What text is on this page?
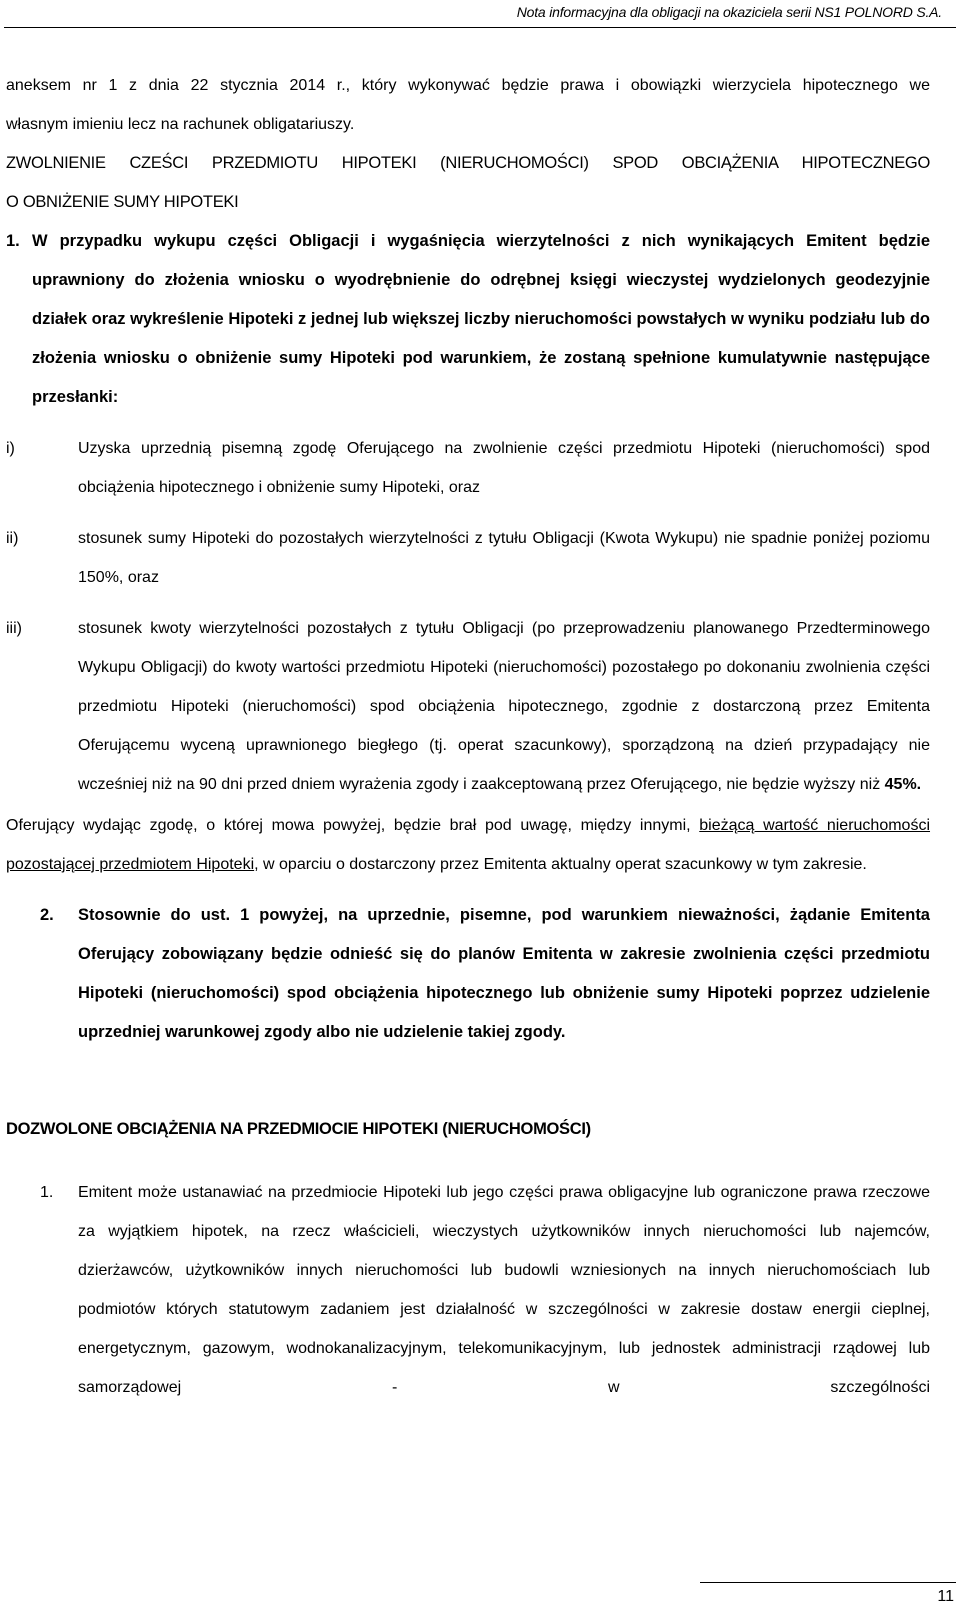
Nota informacyjna dla obligacji na okaziciela serii NS1 POLNORD S.A.

aneksem nr 1 z dnia 22 stycznia 2014 r., który wykonywać będzie prawa i obowiązki wierzyciela hipotecznego we

własnym imieniu lecz na rachunek obligatariuszy.

ZWOLNIENIE CZEŚCI PRZEDMIOTU HIPOTEKI (NIERUCHOMOŚCI) SPOD OBCIĄŻENIA HIPOTECZNEGO

O OBNIŻENIE SUMY HIPOTEKI

1. W przypadku wykupu części Obligacji i wygaśnięcia wierzytelności z nich wynikających Emitent będzie uprawniony do złożenia wniosku o wyodrębnienie do odrębnej księgi wieczystej wydzielonych geodezyjnie działek oraz wykreślenie Hipoteki z jednej lub większej liczby nieruchomości powstałych w wyniku podziału lub do złożenia wniosku o obniżenie sumy Hipoteki pod warunkiem, że zostaną spełnione kumulatywnie następujące przesłanki:
i)	Uzyska uprzednią pisemną zgodę Oferującego na zwolnienie części przedmiotu Hipoteki (nieruchomości) spod obciążenia hipotecznego i obniżenie sumy Hipoteki, oraz
ii)	stosunek sumy Hipoteki do pozostałych wierzytelności z tytułu Obligacji (Kwota Wykupu) nie spadnie poniżej poziomu 150%, oraz
iii)	stosunek kwoty wierzytelności pozostałych z tytułu Obligacji (po przeprowadzeniu planowanego Przedterminowego Wykupu Obligacji) do kwoty wartości przedmiotu Hipoteki (nieruchomości) pozostałego po dokonaniu zwolnienia części przedmiotu Hipoteki (nieruchomości) spod obciążenia hipotecznego, zgodnie z dostarczoną przez Emitenta Oferującemu wyceną uprawnionego biegłego (tj. operat szacunkowy), sporządzoną na dzień przypadający nie wcześniej niż na 90 dni przed dniem wyrażenia zgody i zaakceptowaną przez Oferującego, nie będzie wyższy niż 45%.

Oferujący wydając zgodę, o której mowa powyżej, będzie brał pod uwagę, między innymi, bieżącą wartość nieruchomości pozostającej przedmiotem Hipoteki, w oparciu o dostarczony przez Emitenta aktualny operat szacunkowy w tym zakresie.

2.	Stosownie do ust. 1 powyżej, na uprzednie, pisemne, pod warunkiem nieważności, żądanie Emitenta Oferujący zobowiązany będzie odnieść się do planów Emitenta w zakresie zwolnienia części przedmiotu Hipoteki (nieruchomości) spod obciążenia hipotecznego lub obniżenie sumy Hipoteki poprzez udzielenie uprzedniej warunkowej zgody albo nie udzielenie takiej zgody.

DOZWOLONE OBCIĄŻENIA NA PRZEDMIOCIE HIPOTEKI (NIERUCHOMOŚCI)

1.	Emitent może ustanawiać na przedmiocie Hipoteki lub jego części prawa obligacyjne lub ograniczone prawa rzeczowe za wyjątkiem hipotek, na rzecz właścicieli, wieczystych użytkowników innych nieruchomości lub najemców, dzierżawców, użytkowników innych nieruchomości lub budowli wzniesionych na innych nieruchomościach lub podmiotów których statutowym zadaniem jest działalność w szczególności w zakresie dostaw energii cieplnej, energetycznym, gazowym, wodnokanalizacyjnym, telekomunikacyjnym, lub jednostek administracji rządowej lub samorządowej - w szczególności
11
